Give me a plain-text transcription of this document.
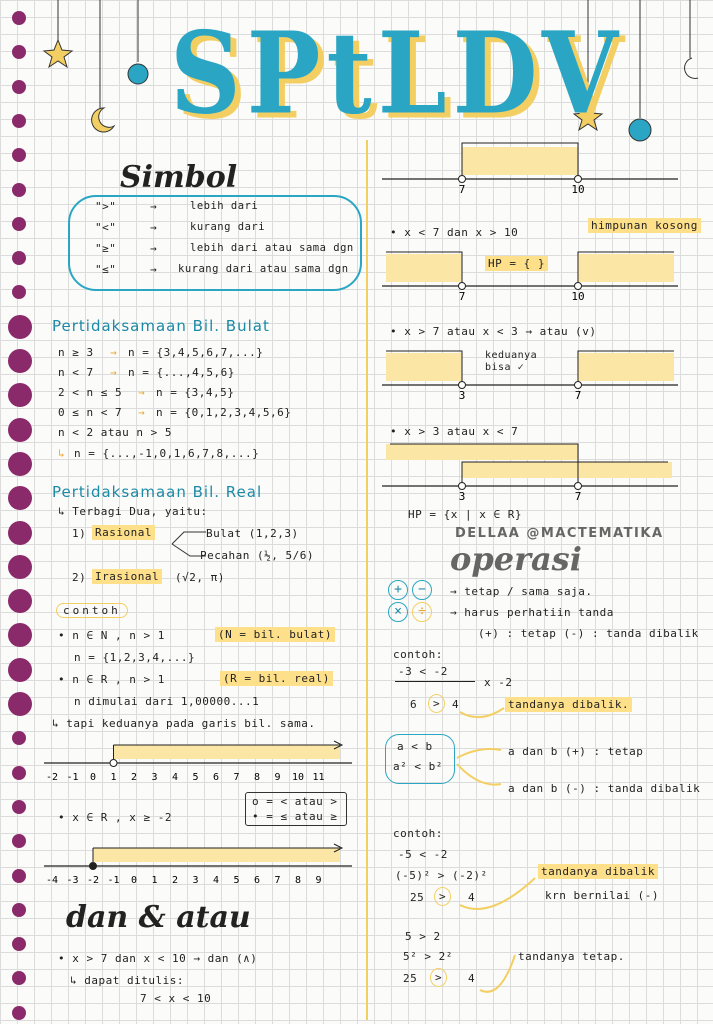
SPtLDV
Simbol
">"	→	lebih dari
"<"	→	kurang dari
"≥"	→	lebih dari atau sama dgn
"≤"	→ kurang dari atau sama dgn
Pertidaksamaan Bil. Bulat
n ≥ 3 → n = {3,4,5,6,7,...}
n < 7 → n = {...,4,5,6}
2 < n ≤ 5 → n = {3,4,5}
0 ≤ n < 7 → n = {0,1,2,3,4,5,6}
n < 2 atau n > 5
↳ n = {...,-1,0,1,6,7,8,...}
Pertidaksamaan Bil. Real
↳ Terbagi Dua, yaitu:
1) Rasional	Bulat (1,2,3)
Pecahan (½, 5/6)
2) Irasional (√2, π)
contoh
• n ∈ N , n > 1	(N = bil. bulat)
n = {1,2,3,4,...}
• n ∈ R , n > 1	(R = bil. real)
n dimulai dari 1,00000...1
↳ tapi keduanya pada garis bil. sama.
-2 -1 0 1 2 3 4 5 6 7 8 9 10 11
o = < atau >
• = ≤ atau ≥
• x ∈ R , x ≥ -2
-4 -3 -2 -1 0 1 2 3 4 5 6 7 8 9
dan & atau
• x > 7 dan x < 10 → dan (∧)
↳ dapat ditulis:
7 < x < 10
7	10
• x < 7 dan x > 10
himpunan kosong
HP = { }
7	10
• x > 7 atau x < 3 → atau (v)
keduanya bisa ✓
3	7
• x > 3 atau x < 7
3	7
HP = {x | x ∈ R}
DELLAA @MACTEMATIKA
operasi
+	−
×	÷
→ tetap / sama saja.
→ harus perhatiin tanda
(+) : tetap (-) : tanda dibalik
contoh:
-3 < -2
x -2
6	>	4	tandanya dibalik.
a < b
a² < b²
a dan b (+) : tetap
a dan b (-) : tanda dibalik
contoh:
-5 < -2
(-5)² > (-2)²	tandanya dibalik
25	>	4	krn bernilai (-)
5 > 2
5² > 2²	tandanya tetap.
25	>	4
